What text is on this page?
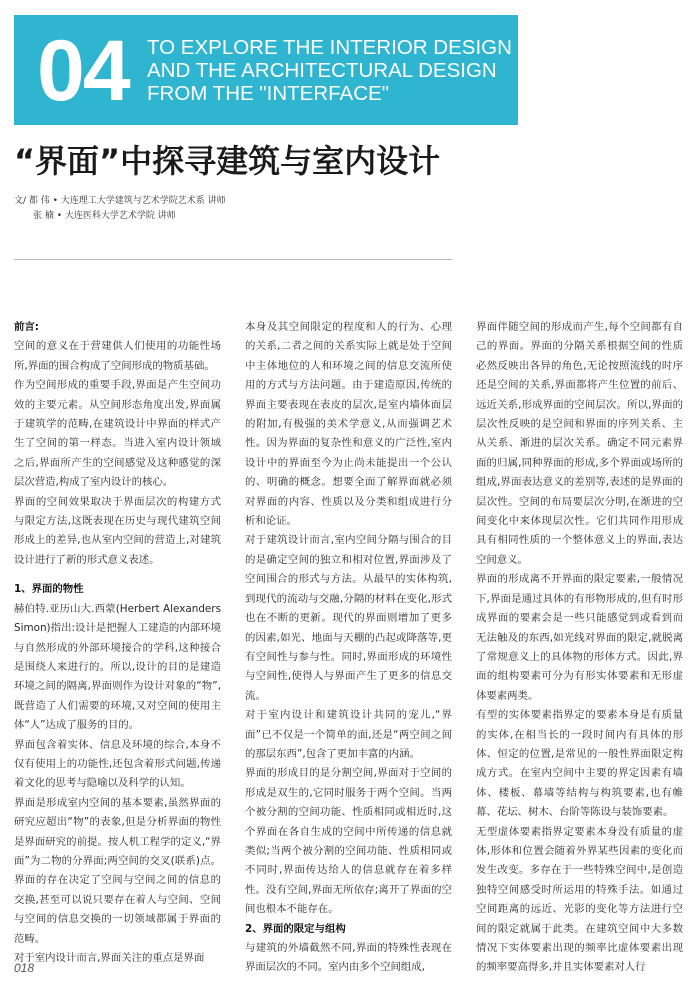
04 TO EXPLORE THE INTERIOR DESIGN
AND THE ARCHITECTURAL DESIGN
FROM THE "INTERFACE"
“界面”中探寻建筑与室内设计
文/ 都 伟 • 大连理工大学建筑与艺术学院艺术系 讲师
张 楠 • 大连医科大学艺术学院 讲师

前言:

空间的意义在于营建供人们使用的功能性场所,界面的围合构成了空间形成的物质基础。

作为空间形成的重要手段,界面是产生空间功效的主要元素。从空间形态角度出发,界面属于建筑学的范畴,在建筑设计中界面的样式产生了空间的第一样态。当进入室内设计领域之后,界面所产生的空间感觉及这种感觉的深层次营造,构成了室内设计的核心。

界面的空间效果取决于界面层次的构建方式与限定方法,这既表现在历史与现代建筑空间形成上的差异,也从室内空间的营造上,对建筑设计进行了新的形式意义表述。

1、界面的物性

赫伯特.亚历山大.西蒙(Herbert Alexanders Simon)指出:设计是把握人工建造的内部环境与自然形成的外部环境接合的学科,这种接合是围绕人来进行的。所以,设计的目的是建造环境之间的隔离,界面则作为设计对象的“物”,既营造了人们需要的环境,又对空间的使用主体“人”达成了服务的目的。

界面包含着实体、信息及环境的综合,本身不仅有使用上的功能性,还包含着形式问题,传递着文化的思考与隐喻以及科学的认知。

界面是形成室内空间的基本要素,虽然界面的研究应超出“物”的表象,但是分析界面的物性是界面研究的前提。按人机工程学的定义,“界面”为二物的分界面;两空间的交叉(联系)点。界面的存在决定了空间与空间之间的信息的交换,甚至可以说只要存在着人与空间、空间与空间的信息交换的一切领域都属于界面的范畴。

对于室内设计而言,界面关注的重点是界面

本身及其空间限定的程度和人的行为、心理的关系,二者之间的关系实际上就是处于空间中主体地位的人和环境之间的信息交流所使用的方式与方法问题。由于建造原因,传统的界面主要表现在表皮的层次,是室内墙体面层的附加,有极强的美术学意义,从而强调艺术性。因为界面的复杂性和意义的广泛性,室内设计中的界面至今为止尚未能提出一个公认的、明确的概念。想要全面了解界面就必须对界面的内容、性质以及分类和组成进行分析和论证。

对于建筑设计而言,室内空间分隔与围合的目的是确定空间的独立和相对位置,界面涉及了空间围合的形式与方法。从最早的实体构筑,到现代的流动与交融,分隔的材料在变化,形式也在不断的更新。现代的界面则增加了更多的因素,如光、地面与天棚的凸起或降落等,更有空间性与参与性。同时,界面形成的环境性与空间性,使得人与界面产生了更多的信息交流。

对于室内设计和建筑设计共同的宠儿,“界面”已不仅是一个简单的面,还是“两空间之间的那层东西”,包含了更加丰富的内涵。

界面的形成目的是分割空间,界面对于空间的形成是双生的,它同时服务于两个空间。当两个被分割的空间功能、性质相同或相近时,这个界面在各自生成的空间中所传递的信息就类似;当两个被分割的空间功能、性质相同或不同时,界面传达给人的信息就存在着多样性。没有空间,界面无所依存;离开了界面的空间也根本不能存在。

2、界面的限定与组构

与建筑的外墙截然不同,界面的特殊性表现在界面层次的不同。室内由多个空间组成,

界面伴随空间的形成而产生,每个空间都有自己的界面。界面的分隔关系根据空间的性质必然反映出各异的角色,无论按照流线的时序还是空间的关系,界面都将产生位置的前后、远近关系,形成界面的空间层次。所以,界面的层次性反映的是空间和界面的序列关系、主从关系、渐进的层次关系。确定不同元素界面的归属,同种界面的形成,多个界面或场所的组成,界面表达意义的差别等,表述的是界面的层次性。空间的布局要层次分明,在渐进的空间变化中来体现层次性。它们共同作用形成具有相同性质的一个整体意义上的界面,表达空间意义。

界面的形成离不开界面的限定要素,一般情况下,界面是通过具体的有形物形成的,但有时形成界面的要素会是一些只能感觉到或看到而无法触及的东西,如光线对界面的限定,就脱离了常规意义上的具体物的形体方式。因此,界面的组构要素可分为有形实体要素和无形虚体要素两类。

有型的实体要素指界定的要素本身是有质量的实体,在相当长的一段时间内有具体的形体、恒定的位置,是常见的一般性界面限定构成方式。在室内空间中主要的界定因素有墙体、楼板、幕墙等结构与构筑要素,也有帷幕、花坛、树木、台阶等陈设与装饰要素。

无型虚体要素指界定要素本身没有质量的虚体,形体和位置会随着外界某些因素的变化而发生改变。多存在于一些特殊空间中,是创造独特空间感受时所运用的特殊手法。如通过空间距离的远近、光影的变化等方法进行空间的限定就属于此类。在建筑空间中大多数情况下实体要素出现的频率比虚体要素出现的频率要高得多,并且实体要素对人行

018
